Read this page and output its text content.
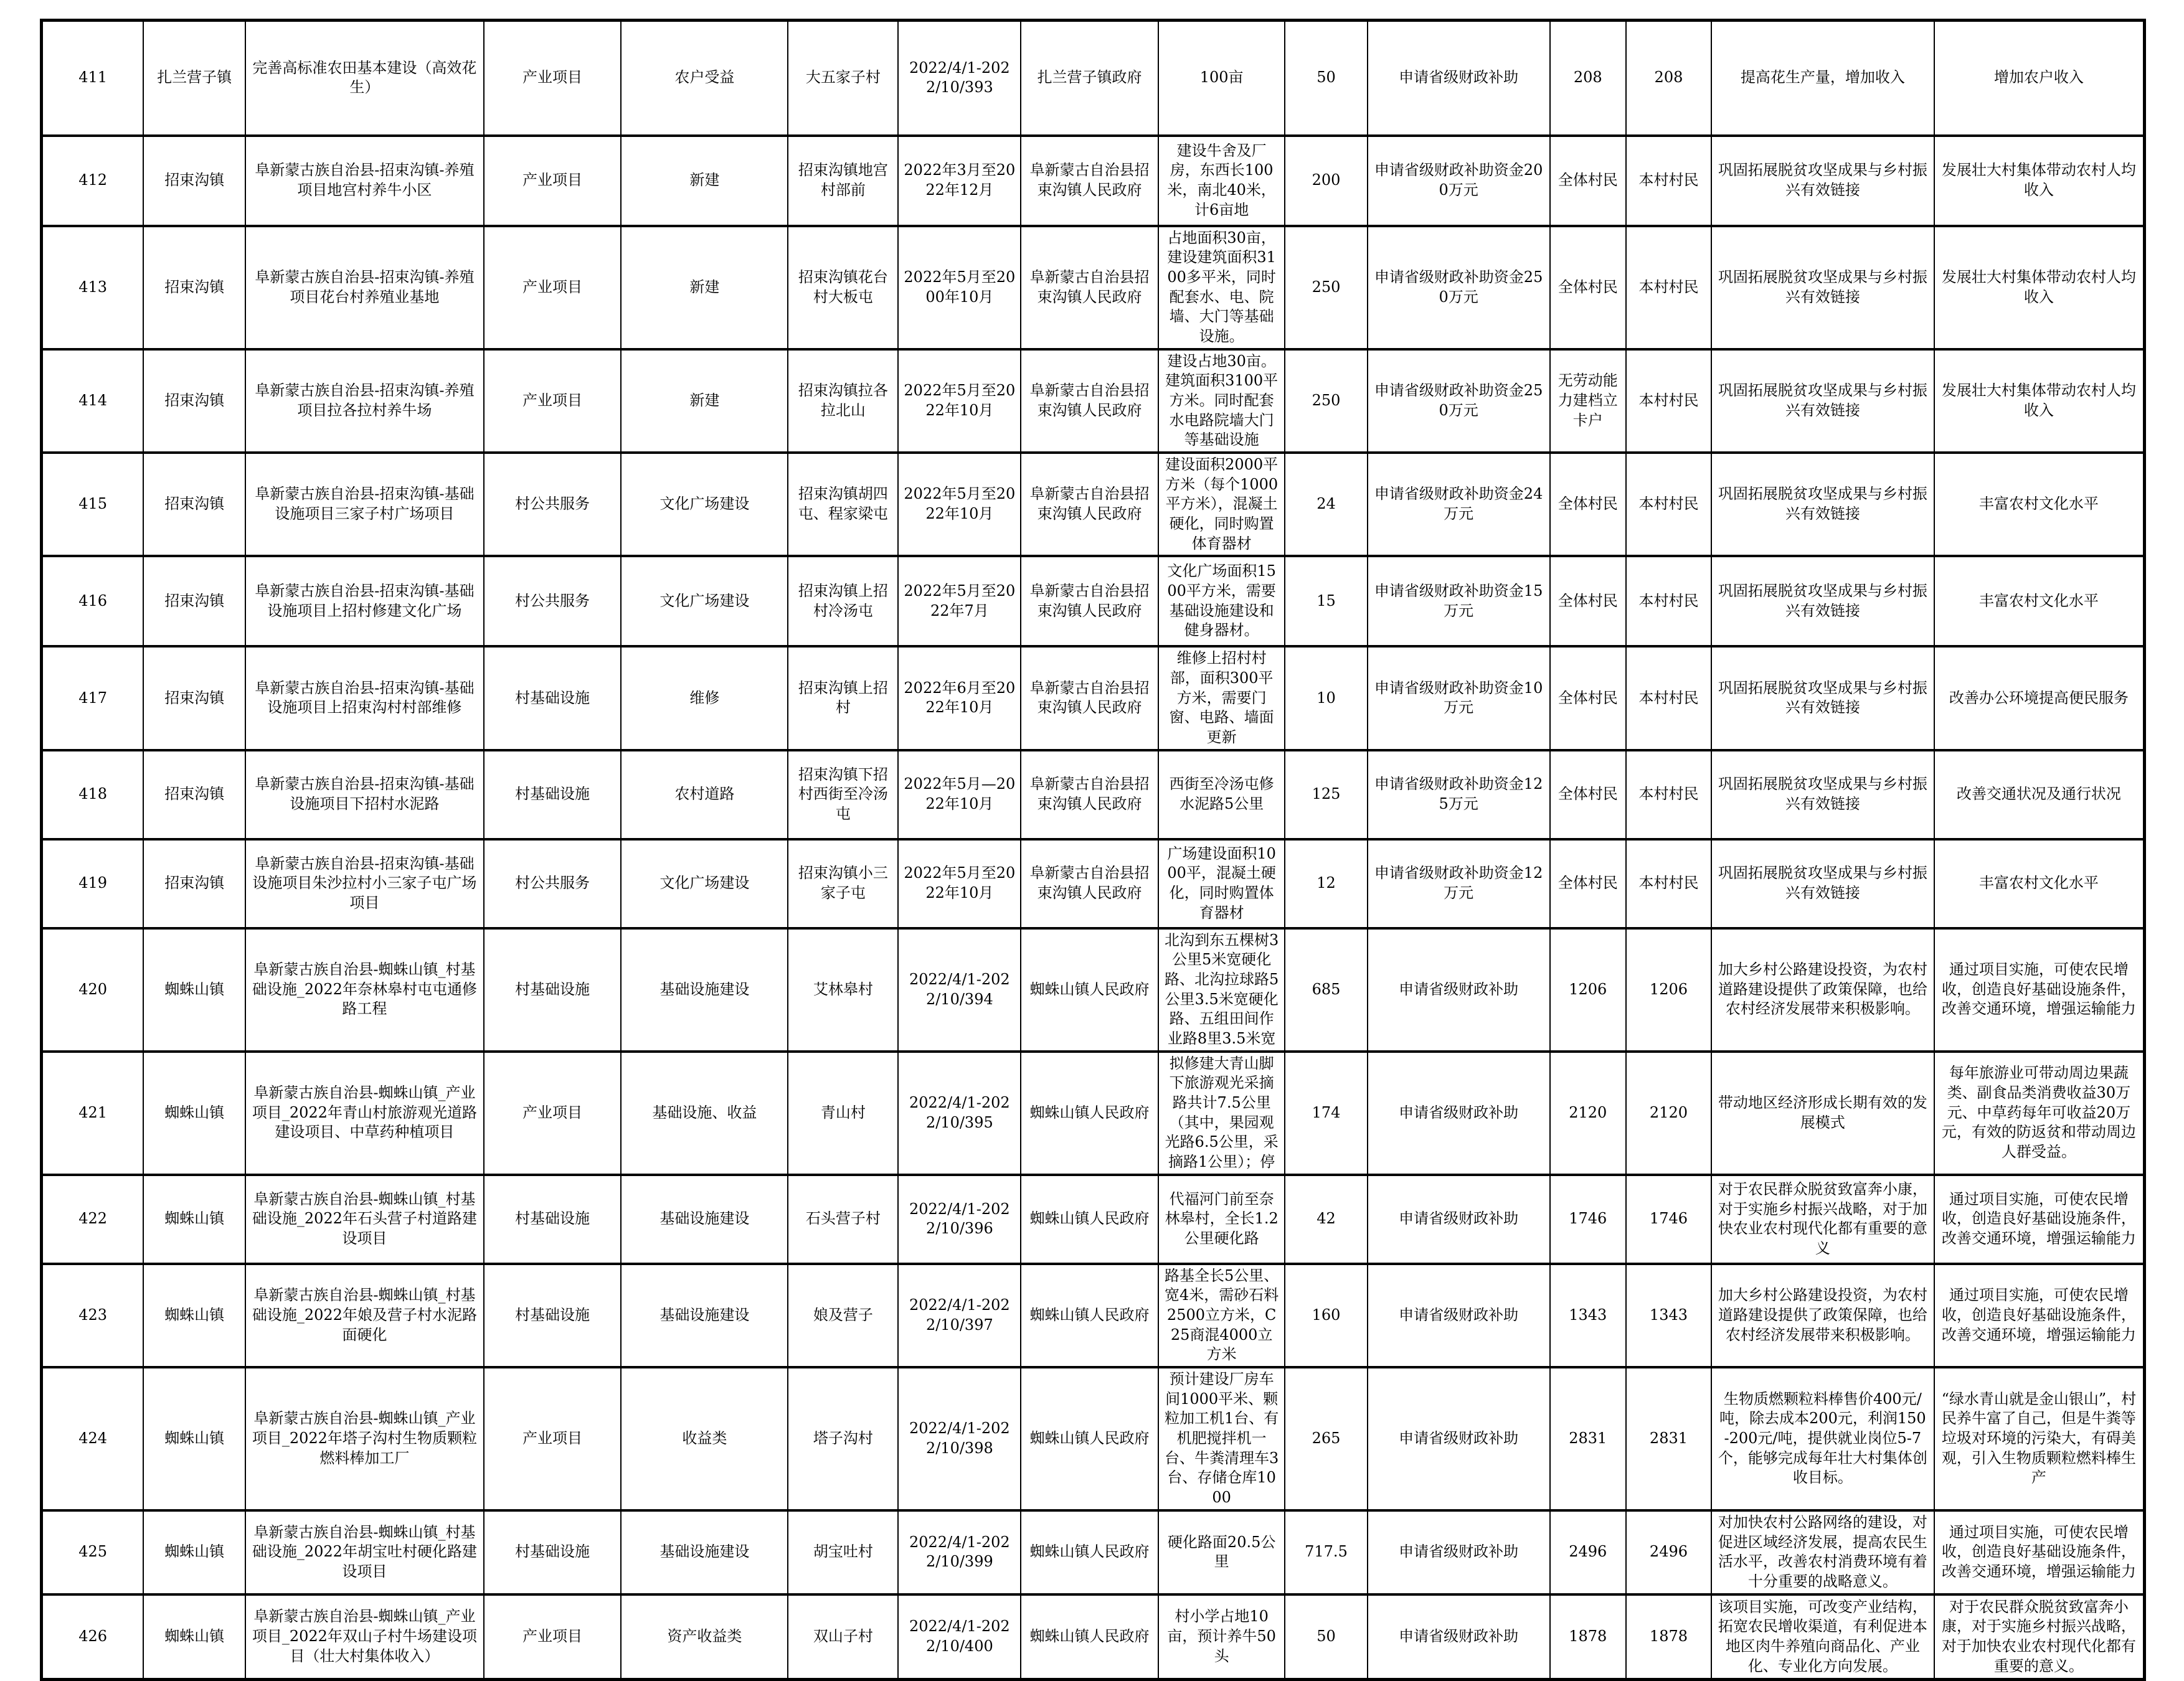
411	扎兰营子镇	完善高标准农田基本建设（高效花生）	产业项目	农户受益	大五家子村	2022/4/1-2022/10/393	扎兰营子镇政府	100亩	50	申请省级财政补助	208	208	提高花生产量，增加收入	增加农户收入
412	招束沟镇	阜新蒙古族自治县-招束沟镇-养殖项目地宫村养牛小区	产业项目	新建	招束沟镇地宫村部前	2022年3月至2022年12月	阜新蒙古自治县招束沟镇人民政府	建设牛舍及厂房，东西长100米，南北40米，计6亩地	200	申请省级财政补助资金200万元	全体村民	本村村民	巩固拓展脱贫攻坚成果与乡村振兴有效链接	发展壮大村集体带动农村人均收入
413	招束沟镇	阜新蒙古族自治县-招束沟镇-养殖项目花台村养殖业基地	产业项目	新建	招束沟镇花台村大板屯	2022年5月至2000年10月	阜新蒙古自治县招束沟镇人民政府	占地面积30亩，建设建筑面积3100多平米，同时配套水、电、院墙、大门等基础设施。	250	申请省级财政补助资金250万元	全体村民	本村村民	巩固拓展脱贫攻坚成果与乡村振兴有效链接	发展壮大村集体带动农村人均收入
414	招束沟镇	阜新蒙古族自治县-招束沟镇-养殖项目拉各拉村养牛场	产业项目	新建	招束沟镇拉各拉北山	2022年5月至2022年10月	阜新蒙古自治县招束沟镇人民政府	建设占地30亩。建筑面积3100平方米。同时配套水电路院墙大门等基础设施	250	申请省级财政补助资金250万元	无劳动能力建档立卡户	本村村民	巩固拓展脱贫攻坚成果与乡村振兴有效链接	发展壮大村集体带动农村人均收入
415	招束沟镇	阜新蒙古族自治县-招束沟镇-基础设施项目三家子村广场项目	村公共服务	文化广场建设	招束沟镇胡四屯、程家梁屯	2022年5月至2022年10月	阜新蒙古自治县招束沟镇人民政府	建设面积2000平方米（每个1000平方米），混凝土硬化，同时购置体育器材	24	申请省级财政补助资金24万元	全体村民	本村村民	巩固拓展脱贫攻坚成果与乡村振兴有效链接	丰富农村文化水平
416	招束沟镇	阜新蒙古族自治县-招束沟镇-基础设施项目上招村修建文化广场	村公共服务	文化广场建设	招束沟镇上招村冷汤屯	2022年5月至2022年7月	阜新蒙古自治县招束沟镇人民政府	文化广场面积1500平方米，需要基础设施建设和健身器材。	15	申请省级财政补助资金15万元	全体村民	本村村民	巩固拓展脱贫攻坚成果与乡村振兴有效链接	丰富农村文化水平
417	招束沟镇	阜新蒙古族自治县-招束沟镇-基础设施项目上招束沟村村部维修	村基础设施	维修	招束沟镇上招村	2022年6月至2022年10月	阜新蒙古自治县招束沟镇人民政府	维修上招村村部，面积300平方米，需要门窗、电路、墙面更新	10	申请省级财政补助资金10万元	全体村民	本村村民	巩固拓展脱贫攻坚成果与乡村振兴有效链接	改善办公环境提高便民服务
418	招束沟镇	阜新蒙古族自治县-招束沟镇-基础设施项目下招村水泥路	村基础设施	农村道路	招束沟镇下招村西街至冷汤屯	2022年5月—2022年10月	阜新蒙古自治县招束沟镇人民政府	西街至冷汤屯修水泥路5公里	125	申请省级财政补助资金125万元	全体村民	本村村民	巩固拓展脱贫攻坚成果与乡村振兴有效链接	改善交通状况及通行状况
419	招束沟镇	阜新蒙古族自治县-招束沟镇-基础设施项目朱沙拉村小三家子屯广场项目	村公共服务	文化广场建设	招束沟镇小三家子屯	2022年5月至2022年10月	阜新蒙古自治县招束沟镇人民政府	广场建设面积1000平，混凝土硬化，同时购置体育器材	12	申请省级财政补助资金12万元	全体村民	本村村民	巩固拓展脱贫攻坚成果与乡村振兴有效链接	丰富农村文化水平
420	蜘蛛山镇	阜新蒙古族自治县-蜘蛛山镇_村基础设施_2022年奈林皋村屯屯通修路工程	村基础设施	基础设施建设	艾林皋村	2022/4/1-2022/10/394	蜘蛛山镇人民政府	北沟到东五棵树3公里5米宽硬化路、北沟拉球路5公里3.5米宽硬化路、五组田间作业路8里3.5米宽	685	申请省级财政补助	1206	1206	加大乡村公路建设投资，为农村道路建设提供了政策保障，也给农村经济发展带来积极影响。	通过项目实施，可使农民增收，创造良好基础设施条件，改善交通环境，增强运输能力
421	蜘蛛山镇	阜新蒙古族自治县-蜘蛛山镇_产业项目_2022年青山村旅游观光道路建设项目、中草药种植项目	产业项目	基础设施、收益	青山村	2022/4/1-2022/10/395	蜘蛛山镇人民政府	拟修建大青山脚下旅游观光采摘路共计7.5公里（其中，果园观光路6.5公里，采摘路1公里）；停	174	申请省级财政补助	2120	2120	带动地区经济形成长期有效的发展模式	每年旅游业可带动周边果蔬类、副食品类消费收益30万元、中草药每年可收益20万元，有效的防返贫和带动周边人群受益。
422	蜘蛛山镇	阜新蒙古族自治县-蜘蛛山镇_村基础设施_2022年石头营子村道路建设项目	村基础设施	基础设施建设	石头营子村	2022/4/1-2022/10/396	蜘蛛山镇人民政府	代福河门前至奈林皋村，全长1.2公里硬化路	42	申请省级财政补助	1746	1746	对于农民群众脱贫致富奔小康，对于实施乡村振兴战略，对于加快农业农村现代化都有重要的意义	通过项目实施，可使农民增收，创造良好基础设施条件，改善交通环境，增强运输能力
423	蜘蛛山镇	阜新蒙古族自治县-蜘蛛山镇_村基础设施_2022年娘及营子村水泥路面硬化	村基础设施	基础设施建设	娘及营子	2022/4/1-2022/10/397	蜘蛛山镇人民政府	路基全长5公里、宽4米，需砂石料2500立方米，C25商混4000立方米	160	申请省级财政补助	1343	1343	加大乡村公路建设投资，为农村道路建设提供了政策保障，也给农村经济发展带来积极影响。	通过项目实施，可使农民增收，创造良好基础设施条件，改善交通环境，增强运输能力
424	蜘蛛山镇	阜新蒙古族自治县-蜘蛛山镇_产业项目_2022年塔子沟村生物质颗粒燃料棒加工厂	产业项目	收益类	塔子沟村	2022/4/1-2022/10/398	蜘蛛山镇人民政府	预计建设厂房车间1000平米、颗粒加工机1台、有机肥搅拌机一台、牛粪清理车3台、存储仓库1000	265	申请省级财政补助	2831	2831	生物质燃颗粒料棒售价400元/吨，除去成本200元，利润150-200元/吨，提供就业岗位5-7个，能够完成每年壮大村集体创收目标。	“绿水青山就是金山银山”，村民养牛富了自己，但是牛粪等垃圾对环境的污染大，有碍美观，引入生物质颗粒燃料棒生产
425	蜘蛛山镇	阜新蒙古族自治县-蜘蛛山镇_村基础设施_2022年胡宝吐村硬化路建设项目	村基础设施	基础设施建设	胡宝吐村	2022/4/1-2022/10/399	蜘蛛山镇人民政府	硬化路面20.5公里	717.5	申请省级财政补助	2496	2496	对加快农村公路网络的建设，对促进区域经济发展，提高农民生活水平，改善农村消费环境有着十分重要的战略意义。	通过项目实施，可使农民增收，创造良好基础设施条件，改善交通环境，增强运输能力
426	蜘蛛山镇	阜新蒙古族自治县-蜘蛛山镇_产业项目_2022年双山子村牛场建设项目（壮大村集体收入）	产业项目	资产收益类	双山子村	2022/4/1-2022/10/400	蜘蛛山镇人民政府	村小学占地10亩，预计养牛50头	50	申请省级财政补助	1878	1878	该项目实施，可改变产业结构，拓宽农民增收渠道，有利促进本地区肉牛养殖向商品化、产业化、专业化方向发展。	对于农民群众脱贫致富奔小康，对于实施乡村振兴战略，对于加快农业农村现代化都有重要的意义。
